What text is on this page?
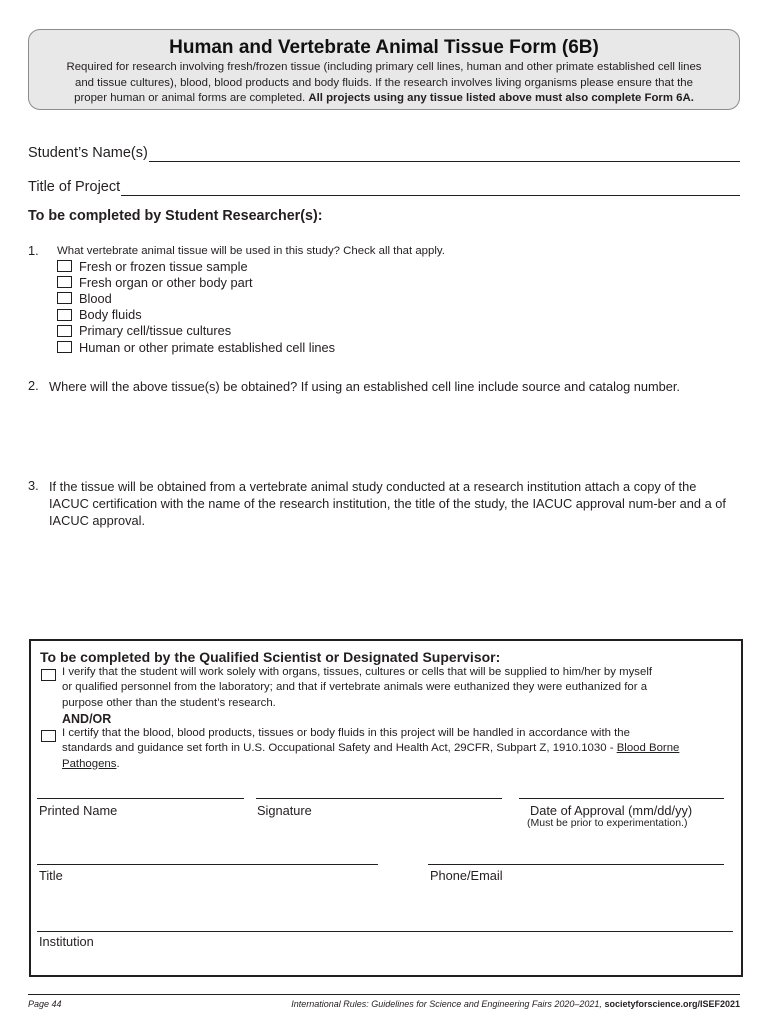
Human and Vertebrate Animal Tissue Form (6B)
Required for research involving fresh/frozen tissue (including primary cell lines, human and other primate established cell lines
and tissue cultures), blood, blood products and body fluids. If the research involves living organisms please ensure that the
proper human or animal forms are completed. All projects using any tissue listed above must also complete Form 6A.
Student’s Name(s)
Title of Project
To be completed by Student Researcher(s):
1. What vertebrate animal tissue will be used in this study? Check all that apply.
Fresh or frozen tissue sample
Fresh organ or other body part
Blood
Body fluids
Primary cell/tissue cultures
Human or other primate established cell lines
2. Where will the above tissue(s) be obtained? If using an established cell line include source and catalog number.
3. If the tissue will be obtained from a vertebrate animal study conducted at a research institution attach a copy of the IACUC certification with the name of the research institution, the title of the study, the IACUC approval num-ber and a of IACUC approval.
To be completed by the Qualified Scientist or Designated Supervisor:
I verify that the student will work solely with organs, tissues, cultures or cells that will be supplied to him/her by myself
or qualified personnel from the laboratory; and that if vertebrate animals were euthanized they were euthanized for a
purpose other than the student’s research.
AND/OR
I certify that the blood, blood products, tissues or body fluids in this project will be handled in accordance with the
standards and guidance set forth in U.S. Occupational Safety and Health Act, 29CFR, Subpart Z, 1910.1030 - Blood Borne
Pathogens.
Printed Name	Signature	Date of Approval (mm/dd/yy)
(Must be prior to experimentation.)
Title	Phone/Email
Institution
Page 44	International Rules: Guidelines for Science and Engineering Fairs 2020–2021, societyforscience.org/ISEF2021
